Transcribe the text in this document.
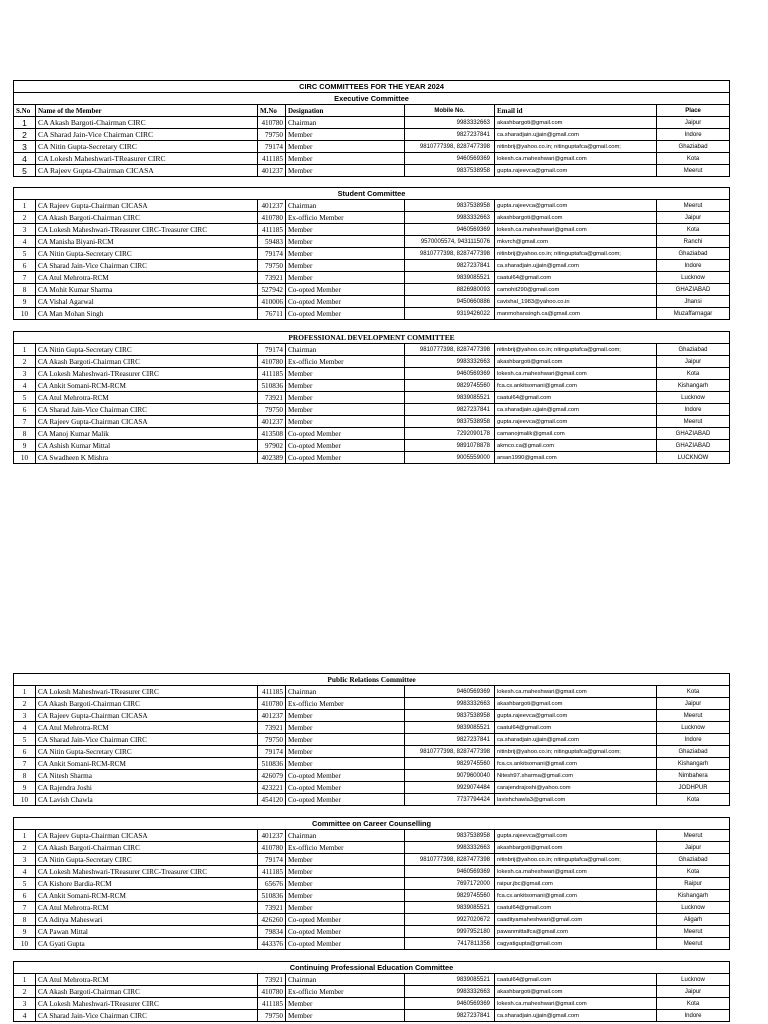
CIRC COMMITTEES FOR THE YEAR 2024						
Executive Committee						
S.No	Name of the Member	M.No	Designation	Mobile No.	Email id	Place
1	CA Akash Bargoti-Chairman CIRC	410780	Chairman	9983332663	akashbargoti@gmail.com	Jaipur
2	CA Sharad Jain-Vice Chairman CIRC	79750	Member	9827237841	ca.sharadjain.ujjain@gmail.com	Indore
3	CA Nitin Gupta-Secretary CIRC	79174	Member	9810777398, 8287477398	nitinbrij@yahoo.co.in; nitinguptafca@gmail.com;	Ghaziabad
4	CA Lokesh Maheshwari-TReasurer CIRC	411185	Member	9460569369	lokesh.ca.maheshwari@gmail.com	Kota
5	CA Rajeev Gupta-Chairman CICASA	401237	Member	9837538958	gupta.rajeevca@gmail.com	Meerut
Student Committee						
1	CA Rajeev Gupta-Chairman CICASA	401237	Chairman	9837538958	gupta.rajeevca@gmail.com	Meerut
2	CA Akash Bargoti-Chairman CIRC	410780	Ex-officio Member	9983332663	akashbargoti@gmail.com	Jaipur
3	CA Lokesh Maheshwari-TReasurer CIRC-Treasurer CIRC	411185	Member	9460569369	lokesh.ca.maheshwari@gmail.com	Kota
4	CA Manisha Biyani-RCM	59483	Member	9570005574, 9431115076	mkvrch@gmail.com	Ranchi
5	CA Nitin Gupta-Secretary CIRC	79174	Member	9810777398, 8287477398	nitinbrij@yahoo.co.in; nitinguptafca@gmail.com;	Ghaziabad
6	CA Sharad Jain-Vice Chairman CIRC	79750	Member	9827237841	ca.sharadjain.ujjain@gmail.com	Indore
7	CA Atul Mehrotra-RCM	73921	Member	9839085521	caatul64@gmail.com	Lucknow
8	CA Mohit Kumar Sharma	527942	Co-opted Member	8826980093	camohit290@gmail.com	GHAZIABAD
9	CA Vishal Agarwal	410006	Co-opted Member	9450660886	cavishal_1983@yahoo.co.in	Jhansi
10	CA Man Mohan Singh	76711	Co-opted Member	9319426022	manmohansingh.ca@gmail.com	Muzaffarnagar
PROFESSIONAL DEVELOPMENT COMMITTEE						
1	CA Nitin Gupta-Secretary CIRC	79174	Chairman	9810777398, 8287477398	nitinbrij@yahoo.co.in; nitinguptafca@gmail.com;	Ghaziabad
2	CA Akash Bargoti-Chairman CIRC	410780	Ex-officio Member	9983332663	akashbargoti@gmail.com	Jaipur
3	CA Lokesh Maheshwari-TReasurer CIRC	411185	Member	9460569369	lokesh.ca.maheshwari@gmail.com	Kota
4	CA Ankit Somani-RCM-RCM	510836	Member	9829745560	fca.cs.ankitsomani@gmail.com	Kishangarh
5	CA Atul Mehrotra-RCM	73921	Member	9839085521	caatul64@gmail.com	Lucknow
6	CA Sharad Jain-Vice Chairman CIRC	79750	Member	9827237841	ca.sharadjain.ujjain@gmail.com	Indore
7	CA Rajeev Gupta-Chairman CICASA	401237	Member	9837538958	gupta.rajeevca@gmail.com	Meerut
8	CA Manoj Kumar Malik	413508	Co-opted Member	7292090178	camanojmalik@gmail.com	GHAZIABAD
9	CA Ashish Kumar Mittal	97902	Co-opted Member	9891078878	akmco.ca@gmail.com	GHAZIABAD
10	CA Swadheen K Mishra	402389	Co-opted Member	9005559000	arsan1990@gmail.com	LUCKNOW
Public Relations Committee						
1	CA Lokesh Maheshwari-TReasurer CIRC	411185	Chairman	9460569369	lokesh.ca.maheshwari@gmail.com	Kota
2	CA Akash Bargoti-Chairman CIRC	410780	Ex-officio Member	9983332663	akashbargoti@gmail.com	Jaipur
3	CA Rajeev Gupta-Chairman CICASA	401237	Member	9837538958	gupta.rajeevca@gmail.com	Meerut
4	CA Atul Mehrotra-RCM	73921	Member	9839085521	caatul64@gmail.com	Lucknow
5	CA Sharad Jain-Vice Chairman CIRC	79750	Member	9827237841	ca.sharadjain.ujjain@gmail.com	Indore
6	CA Nitin Gupta-Secretary CIRC	79174	Member	9810777398, 8287477398	nitinbrij@yahoo.co.in; nitinguptafca@gmail.com;	Ghaziabad
7	CA Ankit Somani-RCM-RCM	510836	Member	9829745560	fca.cs.ankitsomani@gmail.com	Kishangarh
8	CA Nitesh Sharma	426079	Co-opted Member	9079600040	Nitesh97.sharma@gmail.com	Nimbahera
9	CA Rajendra Joshi	423221	Co-opted Member	9929074484	carajendrajoshi@yahoo.com	JODHPUR
10	CA Lavish Chawla	454120	Co-opted Member	7737794424	lavishchawla3@gmail.com	Kota
Committee on Career Counselling						
1	CA Rajeev Gupta-Chairman CICASA	401237	Chairman	9837538958	gupta.rajeevca@gmail.com	Meerut
2	CA Akash Bargoti-Chairman CIRC	410780	Ex-officio Member	9983332663	akashbargoti@gmail.com	Jaipur
3	CA Nitin Gupta-Secretary CIRC	79174	Member	9810777398, 8287477398	nitinbrij@yahoo.co.in; nitinguptafca@gmail.com;	Ghaziabad
4	CA Lokesh Maheshwari-TReasurer CIRC-Treasurer CIRC	411185	Member	9460569369	lokesh.ca.maheshwari@gmail.com	Kota
5	CA Kishore Bardia-RCM	65676	Member	7697172000	raipur.jbc@gmail.com	Raipur
6	CA Ankit Somani-RCM-RCM	510836	Member	9829745560	fca.cs.ankitsomani@gmail.com	Kishangarh
7	CA Atul Mehrotra-RCM	73921	Member	9839085521	caatul64@gmail.com	Lucknow
8	CA Aditya Maheswari	426260	Co-opted Member	9927020672	caadityamaheshwari@gmail.com	Aligarh
9	CA Pawan Mittal	79834	Co-opted Member	9997952180	pawanmittalfca@gmail.com	Meerut
10	CA Gyati Gupta	443376	Co-opted Member	7417811356	cagyatigupta@gmail.com	Meerut
Continuing Professional Education Committee						
1	CA Atul Mehrotra-RCM	73921	Chairman	9839085521	caatul64@gmail.com	Lucknow
2	CA Akash Bargoti-Chairman CIRC	410780	Ex-officio Member	9983332663	akashbargoti@gmail.com	Jaipur
3	CA Lokesh Maheshwari-TReasurer CIRC	411185	Member	9460569369	lokesh.ca.maheshwari@gmail.com	Kota
4	CA Sharad Jain-Vice Chairman CIRC	79750	Member	9827237841	ca.sharadjain.ujjain@gmail.com	Indore
